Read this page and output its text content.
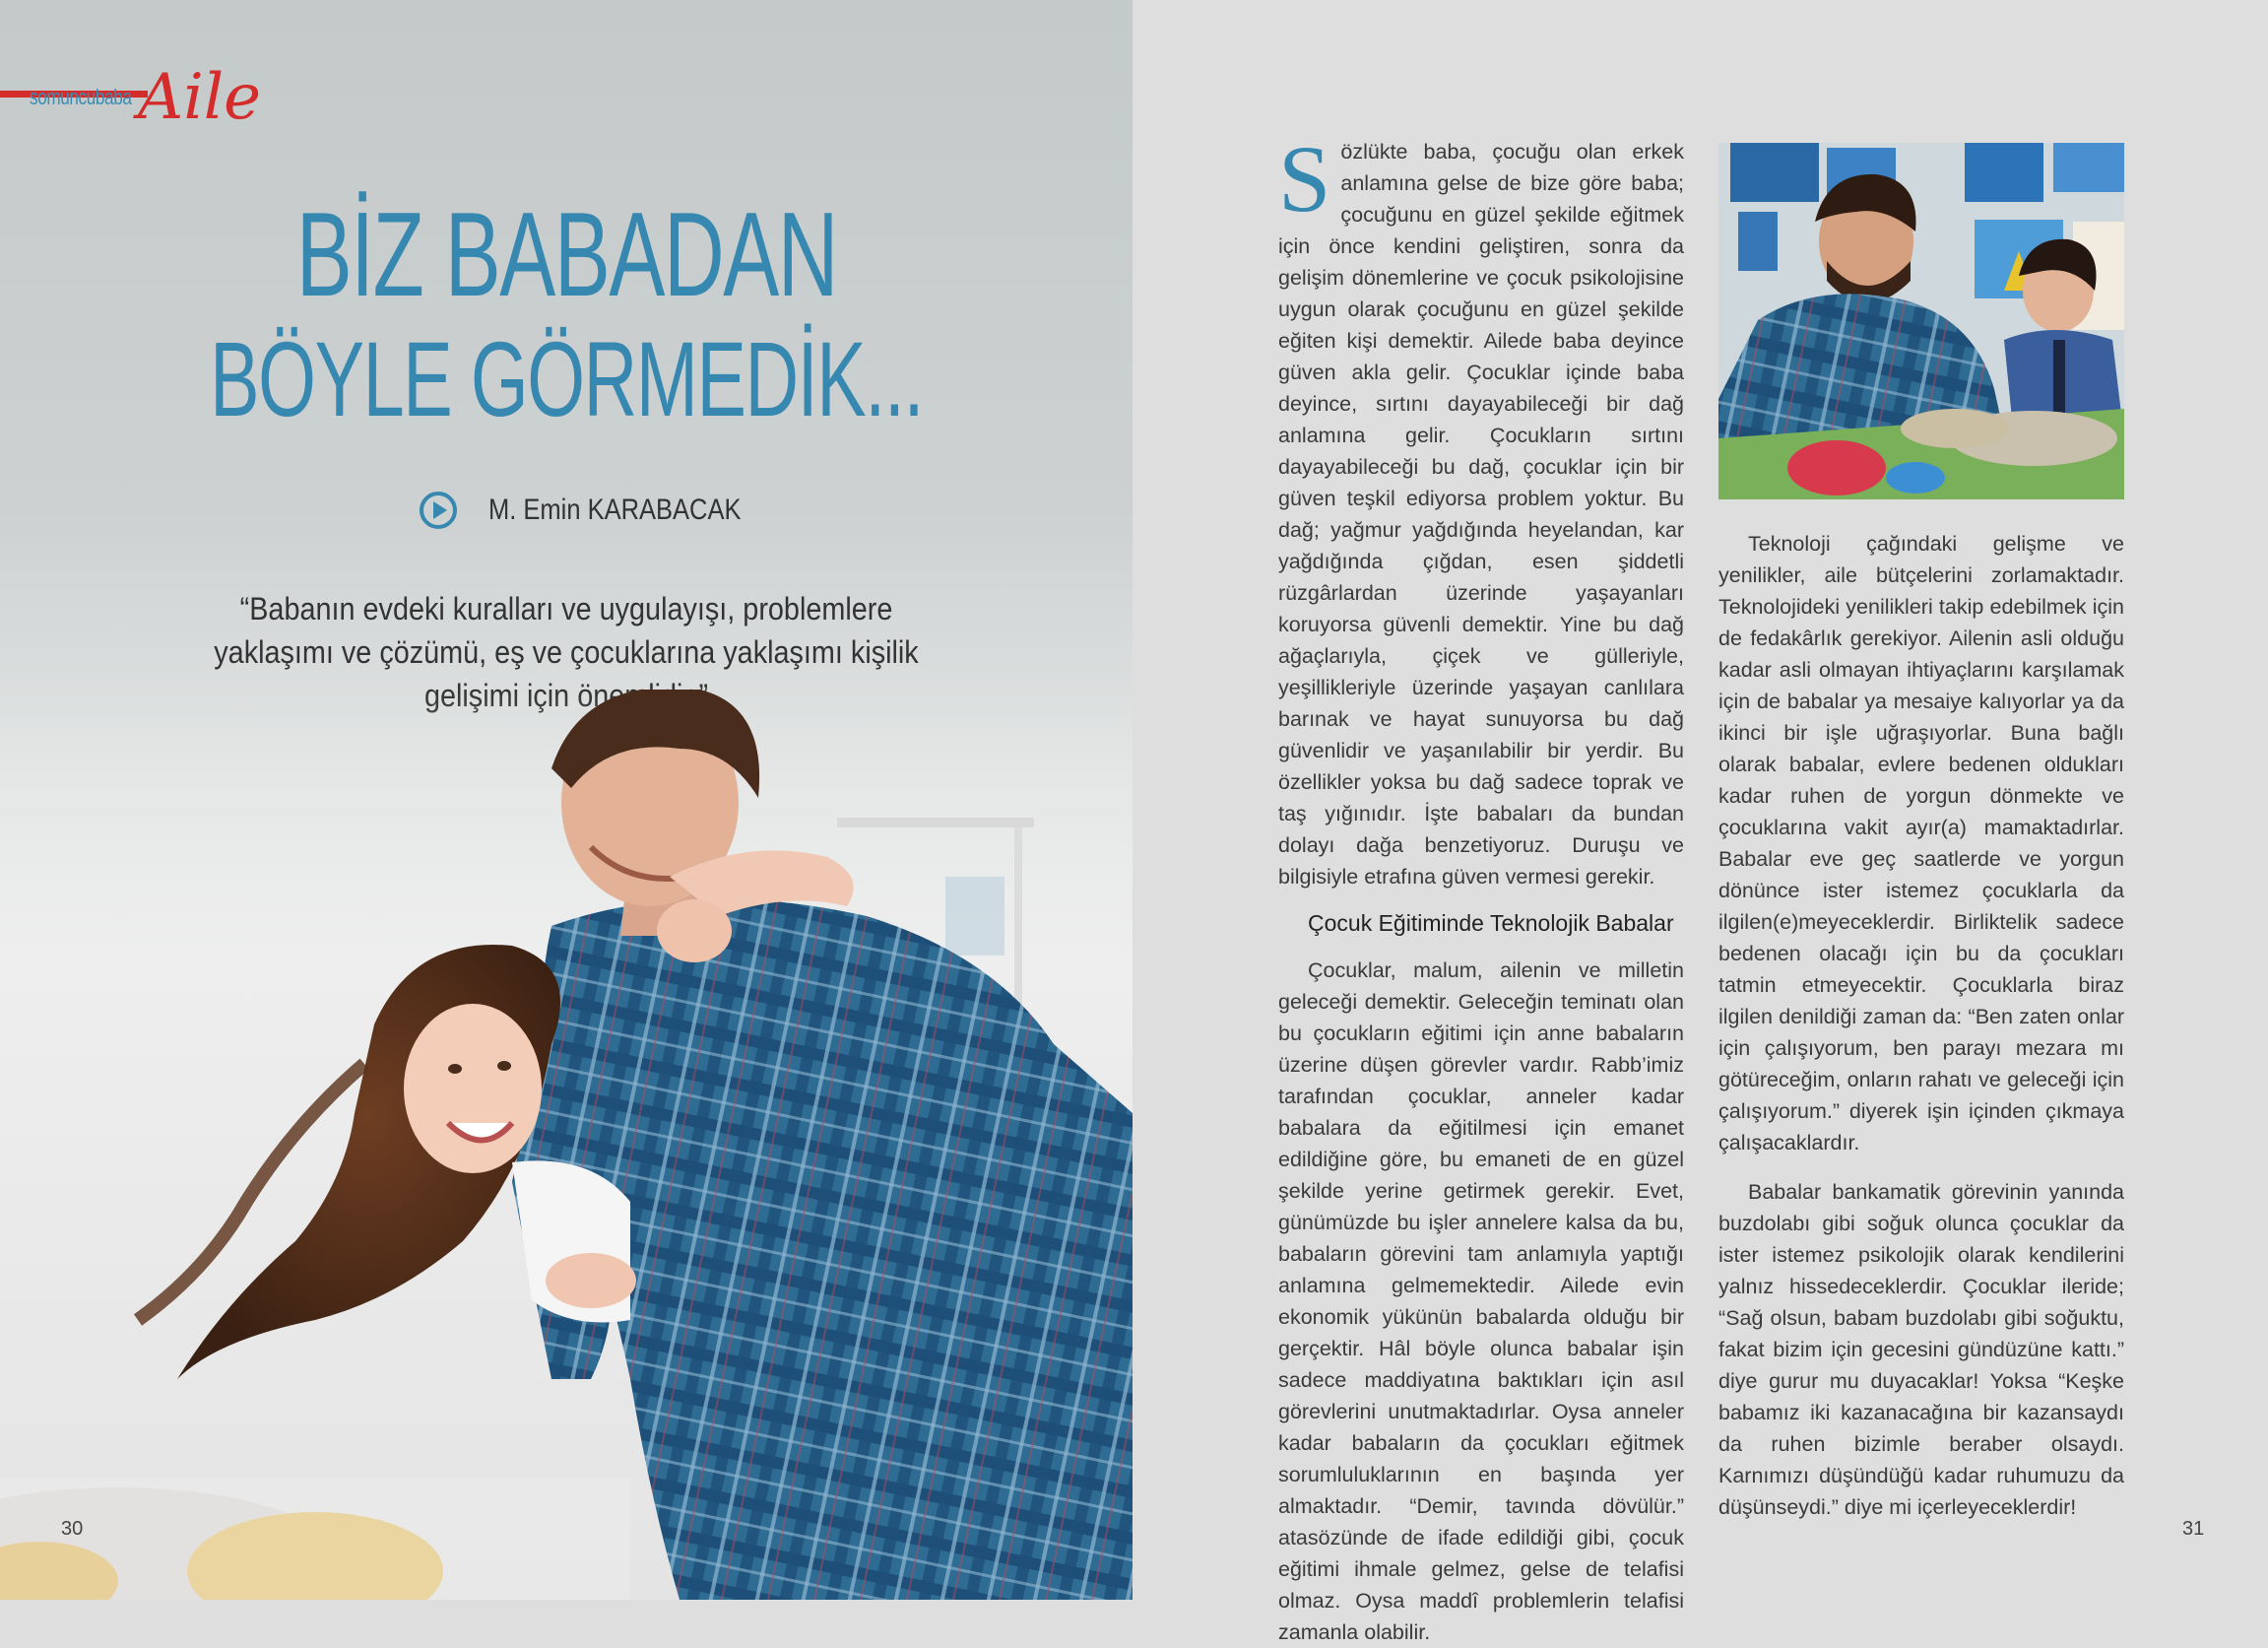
somuncubaba Aile
BİZ BABADAN
BÖYLE GÖRMEDİK...
M. Emin KARABACAK
“Babanın evdeki kuralları ve uygulayışı, problemlere yaklaşımı ve çözümü, eş ve çocuklarına yaklaşımı kişilik
30

Sözlükte baba, çocuğu olan erkek anlamına gelse de bize göre baba; çocuğunu en güzel şekilde eğitmek için önce kendini geliştiren, sonra da gelişim dönemlerine ve çocuk psikolojisine uygun olarak çocuğunu en güzel şekilde eğiten kişi demektir. Ailede baba deyince güven akla gelir. Çocuklar içinde baba deyince, sırtını dayayabileceği bir dağ anlamına gelir. Çocukların sırtını dayayabileceği bu dağ, çocuklar için bir güven teşkil ediyorsa problem yoktur. Bu dağ; yağmur yağdığında heyelandan, kar yağdığında çığdan, esen şiddetli rüzgârlardan üzerinde yaşayanları koruyorsa güvenli demektir. Yine bu dağ ağaçlarıyla, çiçek ve gülleriyle, yeşillikleriyle üzerinde yaşayan canlılara barınak ve hayat sunuyorsa bu dağ güvenlidir ve yaşanılabilir bir yerdir. Bu özellikler yoksa bu dağ sadece toprak ve taş yığınıdır. İşte babaları da bundan dolayı dağa benzetiyoruz. Duruşu ve bilgisiyle etrafına güven vermesi gerekir.

Çocuk Eğitiminde Teknolojik Babalar

Çocuklar, malum, ailenin ve milletin geleceği demektir. Geleceğin teminatı olan bu çocukların eğitimi için anne babaların üzerine düşen görevler vardır. Rabb’imiz tarafından çocuklar, anneler kadar babalara da eğitilmesi için emanet edildiğine göre, bu emaneti de en güzel şekilde yerine getirmek gerekir. Evet, günümüzde bu işler annelere kalsa da bu, babaların görevini tam anlamıyla yaptığı anlamına gelmemektedir. Ailede evin ekonomik yükünün babalarda olduğu bir gerçektir. Hâl böyle olunca babalar işin sadece maddiyatına baktıkları için asıl görevlerini unutmaktadırlar. Oysa anneler kadar babaların da çocukları eğitmek sorumluluklarının en başında yer almaktadır. “Demir, tavında dövülür.” atasözünde de ifade edildiği gibi, çocuk eğitimi ihmale gelmez, gelse de telafisi olmaz. Oysa maddî problemlerin telafisi zamanla olabilir.

Teknoloji çağındaki gelişme ve yenilikler, aile bütçelerini zorlamaktadır. Teknolojideki yenilikleri takip edebilmek için de fedakârlık gerekiyor. Ailenin asli olduğu kadar asli olmayan ihtiyaçlarını karşılamak için de babalar ya mesaiye kalıyorlar ya da ikinci bir işle uğraşıyorlar. Buna bağlı olarak babalar, evlere bedenen oldukları kadar ruhen de yorgun dönmekte ve çocuklarına vakit ayır(a) mamaktadırlar. Babalar eve geç saatlerde ve yorgun dönünce ister istemez çocuklarla da ilgilen(e)meyeceklerdir. Birliktelik sadece bedenen olacağı için bu da çocukları tatmin etmeyecektir. Çocuklarla biraz ilgilen denildiği zaman da: “Ben zaten onlar için çalışıyorum, ben parayı mezara mı götüreceğim, onların rahatı ve geleceği için çalışıyorum.” diyerek işin içinden çıkmaya çalışacaklardır.

Babalar bankamatik görevinin yanında buzdolabı gibi soğuk olunca çocuklar da ister istemez psikolojik olarak kendilerini yalnız hissedeceklerdir. Çocuklar ileride; “Sağ olsun, babam buzdolabı gibi soğuktu, fakat bizim için gecesini gündüzüne kattı.” diye gurur mu duyacaklar! Yoksa “Keşke babamız iki kazanacağına bir kazansaydı da ruhen bizimle beraber olsaydı. Karnımızı düşündüğü kadar ruhumuzu da düşünseydi.” diye mi içerleyeceklerdir!

31
